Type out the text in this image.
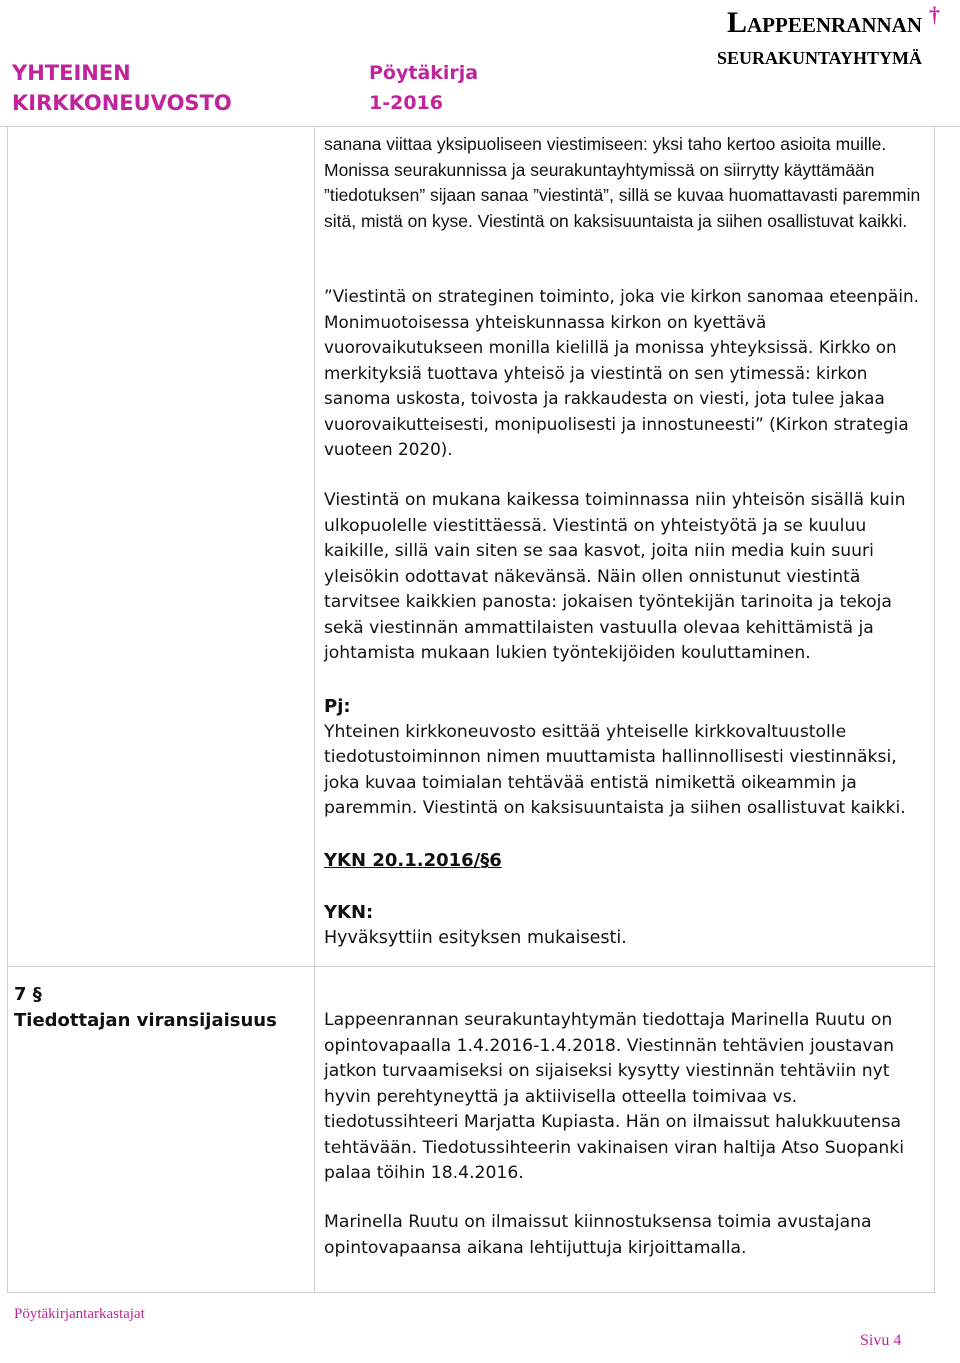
YHTEINEN
KIRKKONEUVOSTO
Pöytäkirja
1-2016
Lappeenrannan
seurakuntayhtymä
†

sanana viittaa yksipuoliseen viestimiseen: yksi taho kertoo asioita muille. Monissa seurakunnissa ja seurakuntayhtymissä on siirrytty käyttämään ”tiedotuksen” sijaan sanaa ”viestintä”, sillä se kuvaa huomattavasti paremmin sitä, mistä on kyse. Viestintä on kaksisuuntaista ja siihen osallistuvat kaikki.

”Viestintä on strateginen toiminto, joka vie kirkon sanomaa eteenpäin. Monimuotoisessa yhteiskunnassa kirkon on kyettävä vuorovaikutukseen monilla kielillä ja monissa yhteyksissä. Kirkko on merkityksiä tuottava yhteisö ja viestintä on sen ytimessä: kirkon sanoma uskosta, toivosta ja rakkaudesta on viesti, jota tulee jakaa vuorovaikutteisesti, monipuolisesti ja innostuneesti” (Kirkon strategia vuoteen 2020).

Viestintä on mukana kaikessa toiminnassa niin yhteisön sisällä kuin ulkopuolelle viestittäessä. Viestintä on yhteistyötä ja se kuuluu kaikille, sillä vain siten se saa kasvot, joita niin media kuin suuri yleisökin odottavat näkevänsä. Näin ollen onnistunut viestintä tarvitsee kaikkien panosta: jokaisen työntekijän tarinoita ja tekoja sekä viestinnän ammattilaisten vastuulla olevaa kehittämistä ja johtamista mukaan lukien työntekijöiden kouluttaminen.

Pj:

Yhteinen kirkkoneuvosto esittää yhteiselle kirkkovaltuustolle tiedotustoiminnon nimen muuttamista hallinnollisesti viestinnäksi, joka kuvaa toimialan tehtävää entistä nimikettä oikeammin ja paremmin. Viestintä on kaksisuuntaista ja siihen osallistuvat kaikki.

YKN 20.1.2016/§6
YKN:

Hyväksyttiin esityksen mukaisesti.

7 §
Tiedottajan viransijaisuus	Lappeenrannan seurakuntayhtymän tiedottaja Marinella Ruutu on opintovapaalla 1.4.2016-1.4.2018. Viestinnän tehtävien joustavan jatkon turvaamiseksi on sijaiseksi kysytty viestinnän tehtäviin nyt hyvin perehtyneyttä ja aktiivisella otteella toimivaa vs. tiedotussihteeri Marjatta Kupiasta. Hän on ilmaissut halukkuutensa tehtävään. Tiedotussihteerin vakinaisen viran haltija Atso Suopanki palaa töihin 18.4.2016.

Marinella Ruutu on ilmaissut kiinnostuksensa toimia avustajana opintovapaansa aikana lehtijuttuja kirjoittamalla.

Pöytäkirjantarkastajat
Sivu 4
